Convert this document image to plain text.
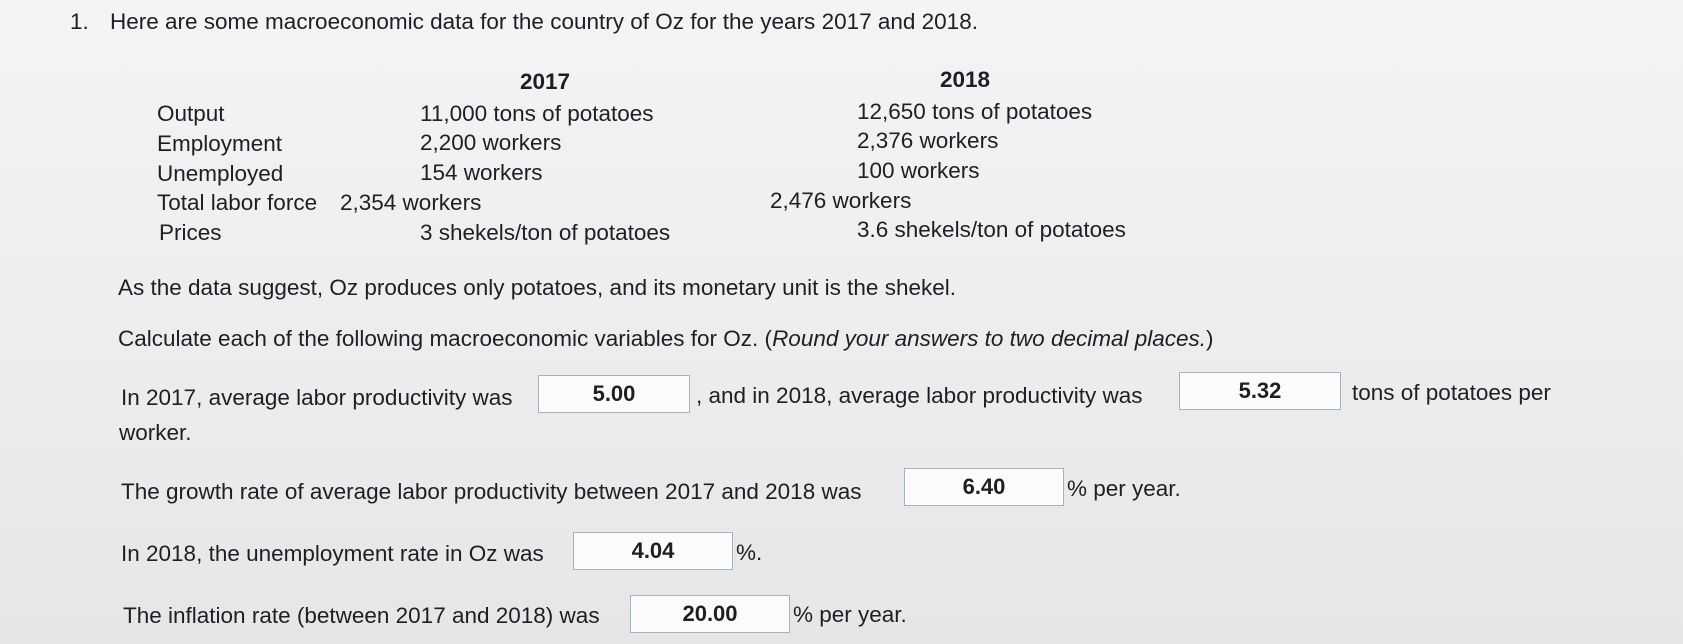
1. Here are some macroeconomic data for the country of Oz for the years 2017 and 2018.
2017	2018
Output	11,000 tons of potatoes	12,650 tons of potatoes
Employment	2,200 workers	2,376 workers
Unemployed	154 workers	100 workers
Total labor force 2,354 workers	2,476 workers
Prices	3 shekels/ton of potatoes	3.6 shekels/ton of potatoes
As the data suggest, Oz produces only potatoes, and its monetary unit is the shekel.
Calculate each of the following macroeconomic variables for Oz. (Round your answers to two decimal places.)
In 2017, average labor productivity was
5.00	, and in 2018, average labor productivity was
5.32	tons of potatoes per
worker.
The growth rate of average labor productivity between 2017 and 2018 was
6.40	% per year.
In 2018, the unemployment rate in Oz was
4.04	%.
The inflation rate (between 2017 and 2018) was
20.00	% per year.
